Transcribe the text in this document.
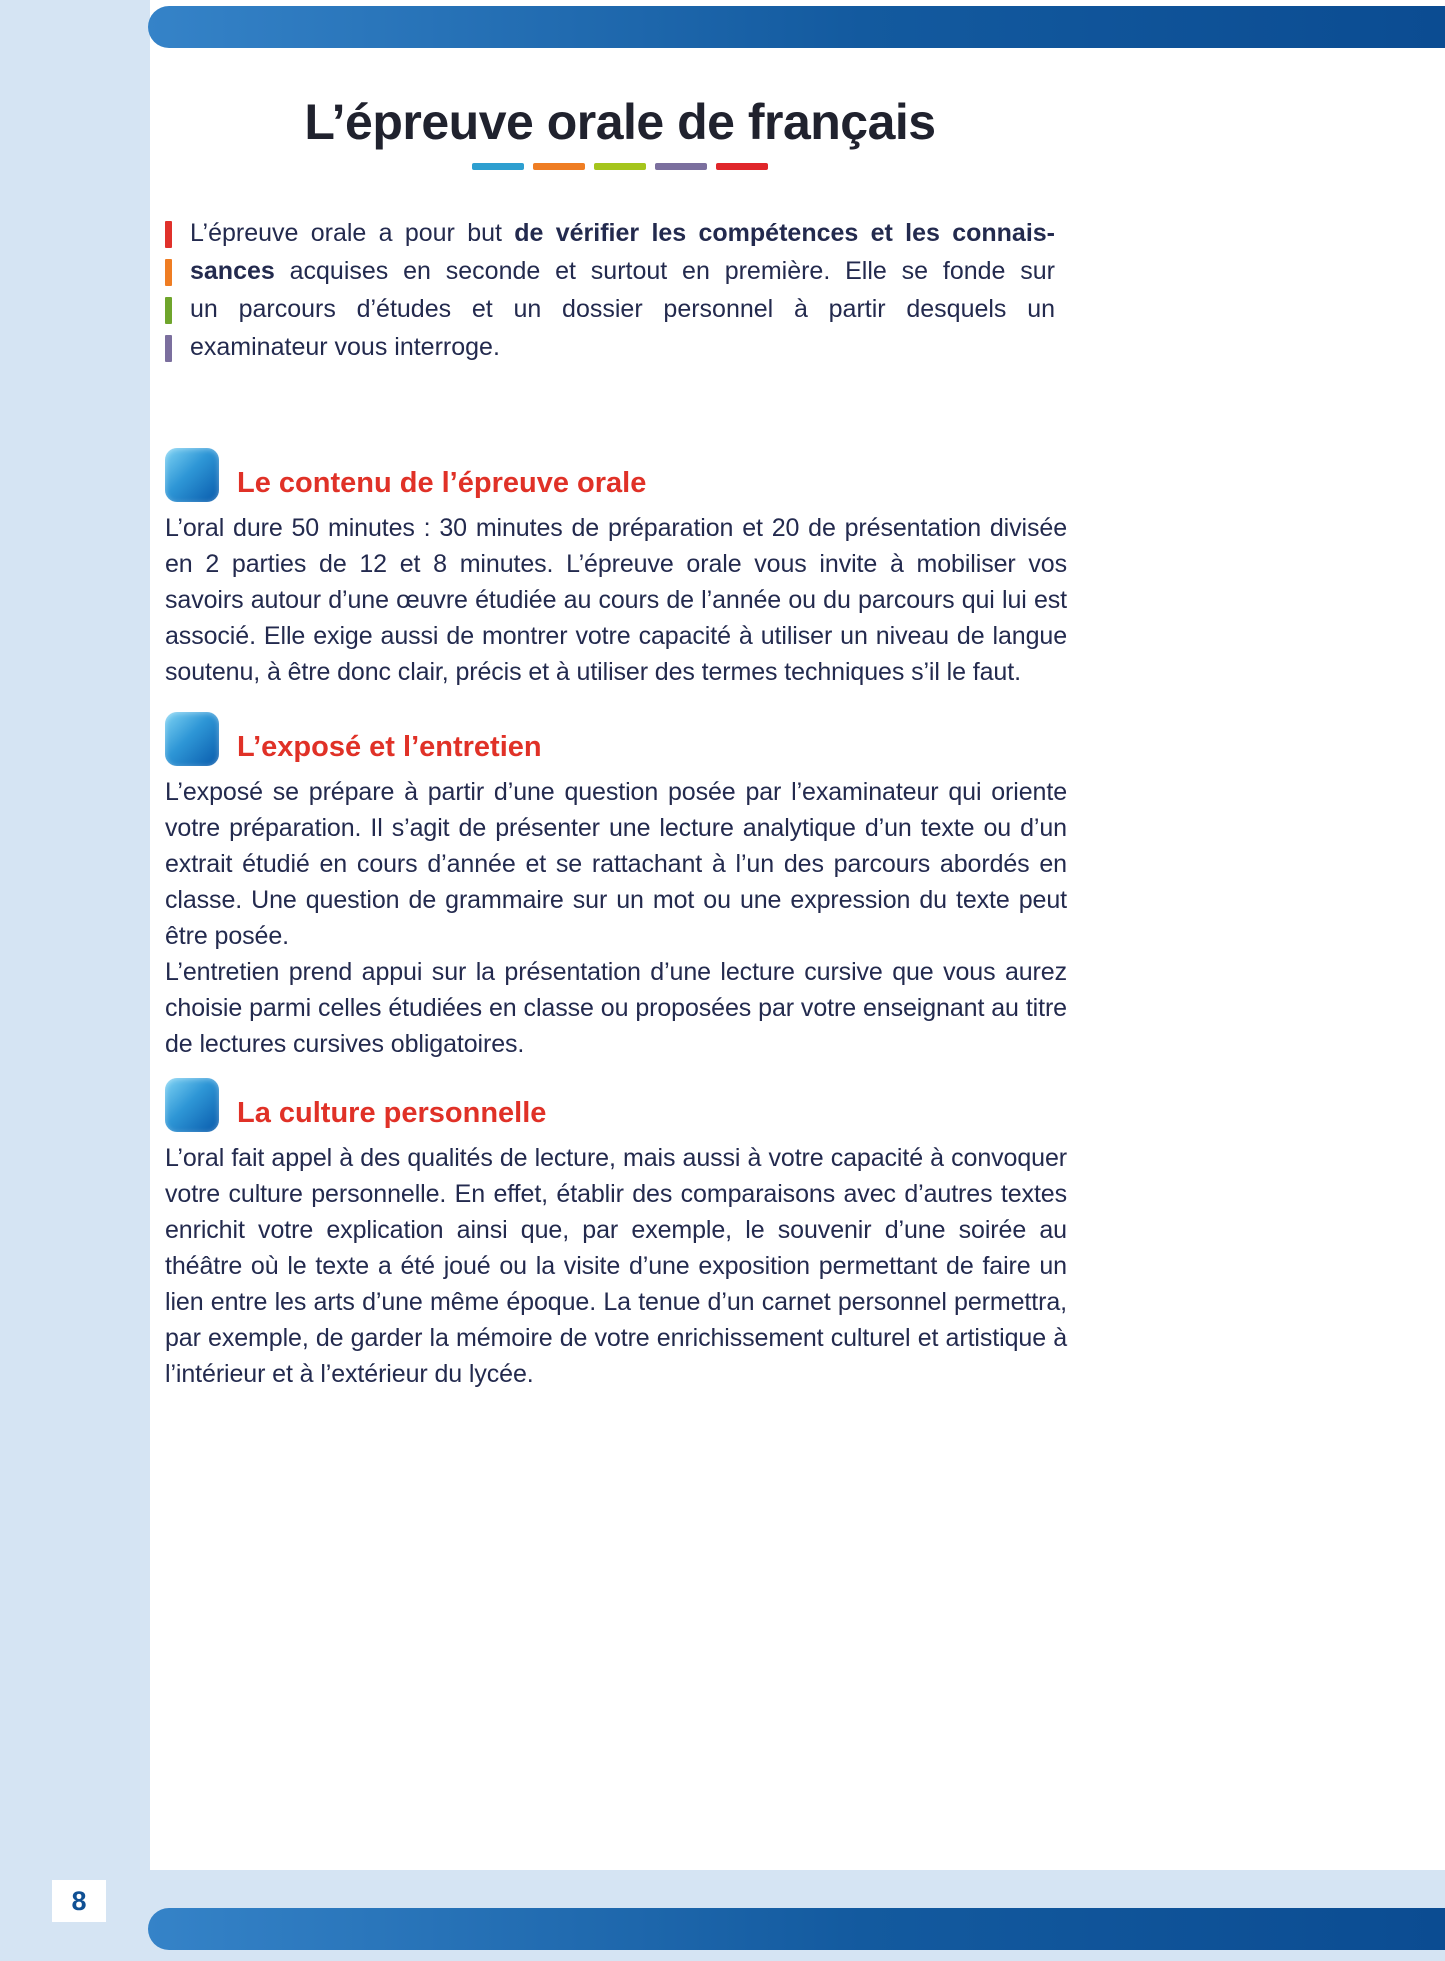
8
L’épreuve orale de français

L’épreuve orale a pour but de vérifier les compétences et les connais-

sances acquises en seconde et surtout en première. Elle se fonde sur

un parcours d’études et un dossier personnel à partir desquels un

examinateur vous interroge.

Le contenu de l’épreuve orale

L’oral dure 50 minutes : 30 minutes de préparation et 20 de présentation divisée en 2 parties de 12 et 8 minutes. L’épreuve orale vous invite à mobiliser vos savoirs autour d’une œuvre étudiée au cours de l’année ou du parcours qui lui est associé. Elle exige aussi de montrer votre capacité à utiliser un niveau de langue soutenu, à être donc clair, précis et à utiliser des termes techniques s’il le faut.

L’exposé et l’entretien

L’exposé se prépare à partir d’une question posée par l’examinateur qui oriente votre préparation. Il s’agit de présenter une lecture analytique d’un texte ou d’un extrait étudié en cours d’année et se rattachant à l’un des parcours abordés en classe. Une question de grammaire sur un mot ou une expression du texte peut être posée.

L’entretien prend appui sur la présentation d’une lecture cursive que vous aurez choisie parmi celles étudiées en classe ou proposées par votre enseignant au titre de lectures cursives obligatoires.

La culture personnelle

L’oral fait appel à des qualités de lecture, mais aussi à votre capacité à convoquer votre culture personnelle. En effet, établir des comparaisons avec d’autres textes enrichit votre explication ainsi que, par exemple, le souvenir d’une soirée au théâtre où le texte a été joué ou la visite d’une exposition permettant de faire un lien entre les arts d’une même époque. La tenue d’un carnet personnel permettra, par exemple, de garder la mémoire de votre enrichissement culturel et artistique à l’intérieur et à l’extérieur du lycée.
